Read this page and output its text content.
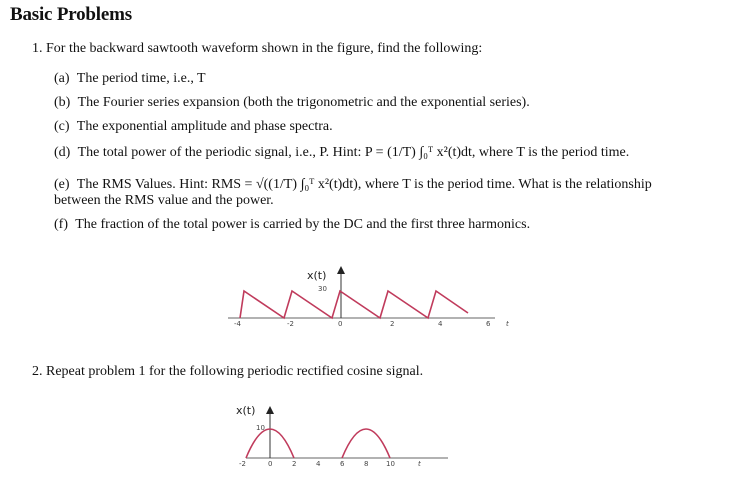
Basic Problems
1. For the backward sawtooth waveform shown in the figure, find the following:
(a) The period time, i.e., T
(b) The Fourier series expansion (both the trigonometric and the exponential series).
(c) The exponential amplitude and phase spectra.
(d) The total power of the periodic signal, i.e., P. Hint: P = (1/T) ∫₀ᵀ x²(t)dt, where T is the period time.
(e) The RMS Values. Hint: RMS = √((1/T) ∫₀ᵀ x²(t)dt), where T is the period time. What is the relationship
between the RMS value and the power.
(f) The fraction of the total power is carried by the DC and the first three harmonics.
x(t)
30
-4	-2	0	2	4	6 t
2. Repeat problem 1 for the following periodic rectified cosine signal.
x(t)
10
-2	0	2	4	6	8	10	t
